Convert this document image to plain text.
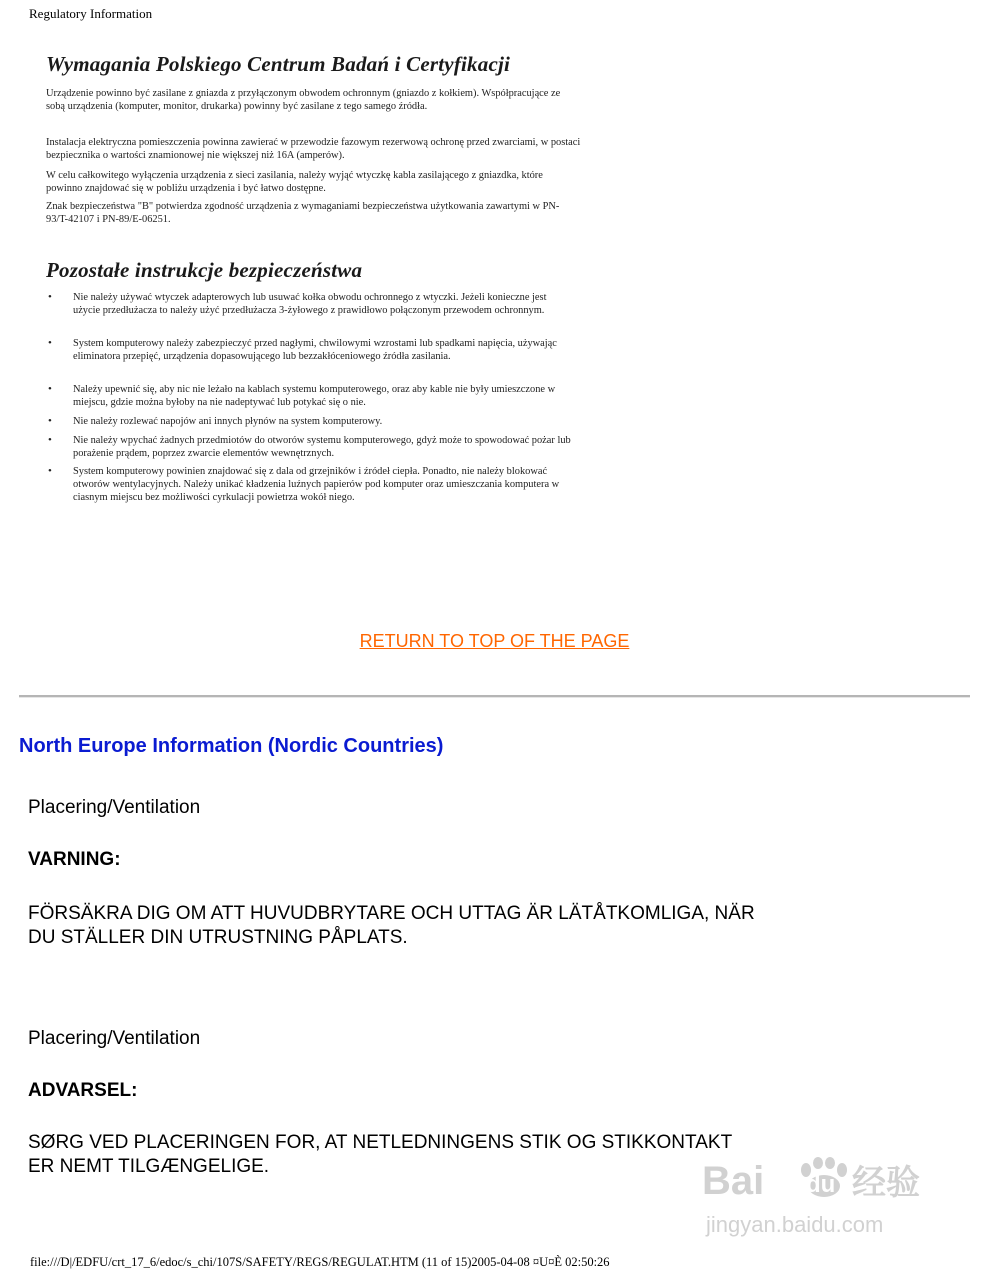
Regulatory Information
Wymagania Polskiego Centrum Badań i Certyfikacji

Urządzenie powinno być zasilane z gniazda z przyłączonym obwodem ochronnym (gniazdo z kołkiem). Współpracujące ze sobą urządzenia (komputer, monitor, drukarka) powinny być zasilane z tego samego źródła.

Instalacja elektryczna pomieszczenia powinna zawierać w przewodzie fazowym rezerwową ochronę przed zwarciami, w postaci bezpiecznika o wartości znamionowej nie większej niż 16A (amperów).

W celu całkowitego wyłączenia urządzenia z sieci zasilania, należy wyjąć wtyczkę kabla zasilającego z gniazdka, które powinno znajdować się w pobliżu urządzenia i być łatwo dostępne.

Znak bezpieczeństwa "B" potwierdza zgodność urządzenia z wymaganiami bezpieczeństwa użytkowania zawartymi w PN-93/T-42107 i PN-89/E-06251.

Pozostałe instrukcje bezpieczeństwa
• Nie należy używać wtyczek adapterowych lub usuwać kołka obwodu ochronnego z wtyczki. Jeżeli konieczne jest użycie przedłużacza to należy użyć przedłużacza 3-żyłowego z prawidłowo połączonym przewodem ochronnym.

• System komputerowy należy zabezpieczyć przed nagłymi, chwilowymi wzrostami lub spadkami napięcia, używając eliminatora przepięć, urządzenia dopasowującego lub bezzakłóceniowego źródła zasilania.

• Należy upewnić się, aby nic nie leżało na kablach systemu komputerowego, oraz aby kable nie były umieszczone w miejscu, gdzie można byłoby na nie nadeptywać lub potykać się o nie.

• Nie należy rozlewać napojów ani innych płynów na system komputerowy.

• Nie należy wpychać żadnych przedmiotów do otworów systemu komputerowego, gdyż może to spowodować pożar lub porażenie prądem, poprzez zwarcie elementów wewnętrznych.

• System komputerowy powinien znajdować się z dala od grzejników i źródeł ciepła. Ponadto, nie należy blokować otworów wentylacyjnych. Należy unikać kładzenia luźnych papierów pod komputer oraz umieszczania komputera w ciasnym miejscu bez możliwości cyrkulacji powietrza wokół niego.

RETURN TO TOP OF THE PAGE
North Europe Information (Nordic Countries)
Placering/Ventilation
VARNING:
FÖRSÄKRA DIG OM ATT HUVUDBRYTARE OCH UTTAG ÄR LÄTÅTKOMLIGA, NÄR
DU STÄLLER DIN UTRUSTNING PÅPLATS.
Placering/Ventilation
ADVARSEL:
SØRG VED PLACERINGEN FOR, AT NETLEDNINGENS STIK OG STIKKONTAKT
ER NEMT TILGÆNGELIGE.	Bai du 经验
jingyan.baidu.com
file:///D|/EDFU/crt_17_6/edoc/s_chi/107S/SAFETY/REGS/REGULAT.HTM (11 of 15)2005-04-08 ¤U¤È 02:50:26
